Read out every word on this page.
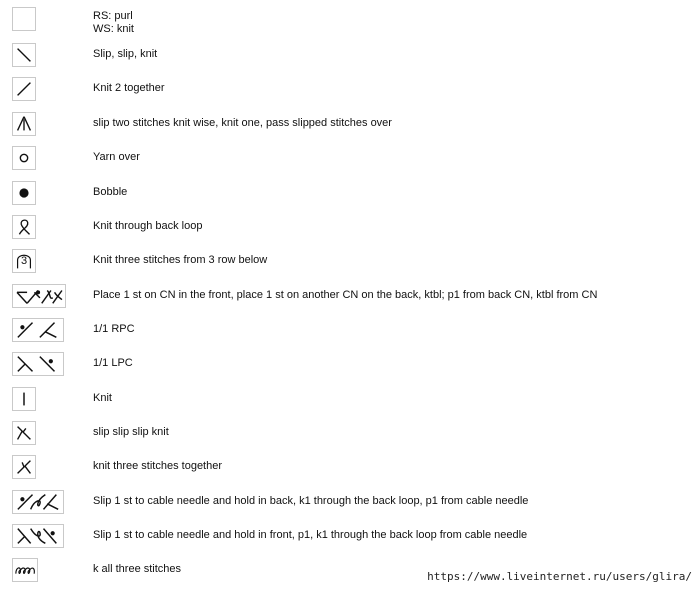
RS: purl
WS: knit
Slip, slip, knit
Knit 2 together
slip two stitches knit wise, knit one, pass slipped stitches over
Yarn over
Bobble
Knit through back loop
3	Knit three stitches from 3 row below
Place 1 st on CN in the front, place 1 st on another CN on the back, ktbl; p1 from back CN, ktbl from CN
1/1 RPC
1/1 LPC
Knit
slip slip slip knit
knit three stitches together
Slip 1 st to cable needle and hold in back, k1 through the back loop, p1 from cable needle
Slip 1 st to cable needle and hold in front, p1, k1 through the back loop from cable needle
k all three stitches
https://www.liveinternet.ru/users/glira/
